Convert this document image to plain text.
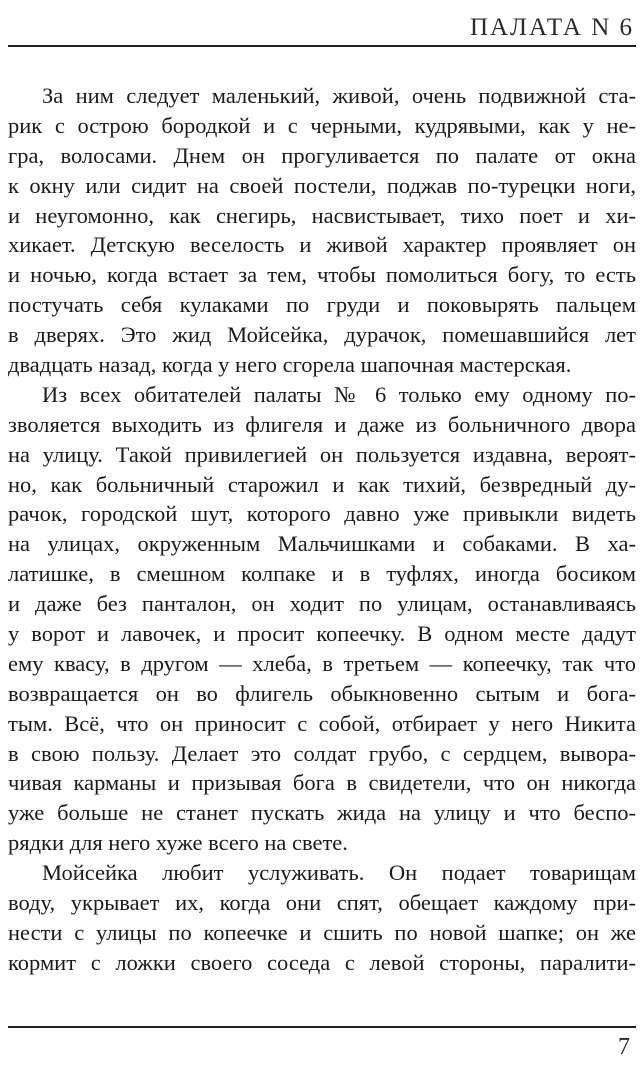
ПАЛАТА N 6

За ним следует маленький, живой, очень подвижной ста-
рик с острою бородкой и с черными, кудрявыми, как у не-
гра, волосами. Днем он прогуливается по палате от окна
к окну или сидит на своей постели, поджав по-турецки ноги,
и неугомонно, как снегирь, насвистывает, тихо поет и хи-
хикает. Детскую веселость и живой характер проявляет он
и ночью, когда встает за тем, чтобы помолиться богу, то есть
постучать себя кулаками по груди и поковырять пальцем
в дверях. Это жид Мойсейка, дурачок, помешавшийся лет
двадцать назад, когда у него сгорела шапочная мастерская.

Из всех обитателей палаты № 6 только ему одному по-
зволяется выходить из флигеля и даже из больничного двора
на улицу. Такой привилегией он пользуется издавна, вероят-
но, как больничный старожил и как тихий, безвредный ду-
рачок, городской шут, которого давно уже привыкли видеть
на улицах, окруженным Мальчишками и собаками. В ха-
латишке, в смешном колпаке и в туфлях, иногда босиком
и даже без панталон, он ходит по улицам, останавливаясь
у ворот и лавочек, и просит копеечку. В одном месте дадут
ему квасу, в другом — хлеба, в третьем — копеечку, так что
возвращается он во флигель обыкновенно сытым и бога-
тым. Всё, что он приносит с собой, отбирает у него Никита
в свою пользу. Делает это солдат грубо, с сердцем, вывора-
чивая карманы и призывая бога в свидетели, что он никогда
уже больше не станет пускать жида на улицу и что беспо-
рядки для него хуже всего на свете.

Мойсейка любит услуживать. Он подает товарищам
воду, укрывает их, когда они спят, обещает каждому при-
нести с улицы по копеечке и сшить по новой шапке; он же
кормит с ложки своего соседа с левой стороны, паралити-

7
